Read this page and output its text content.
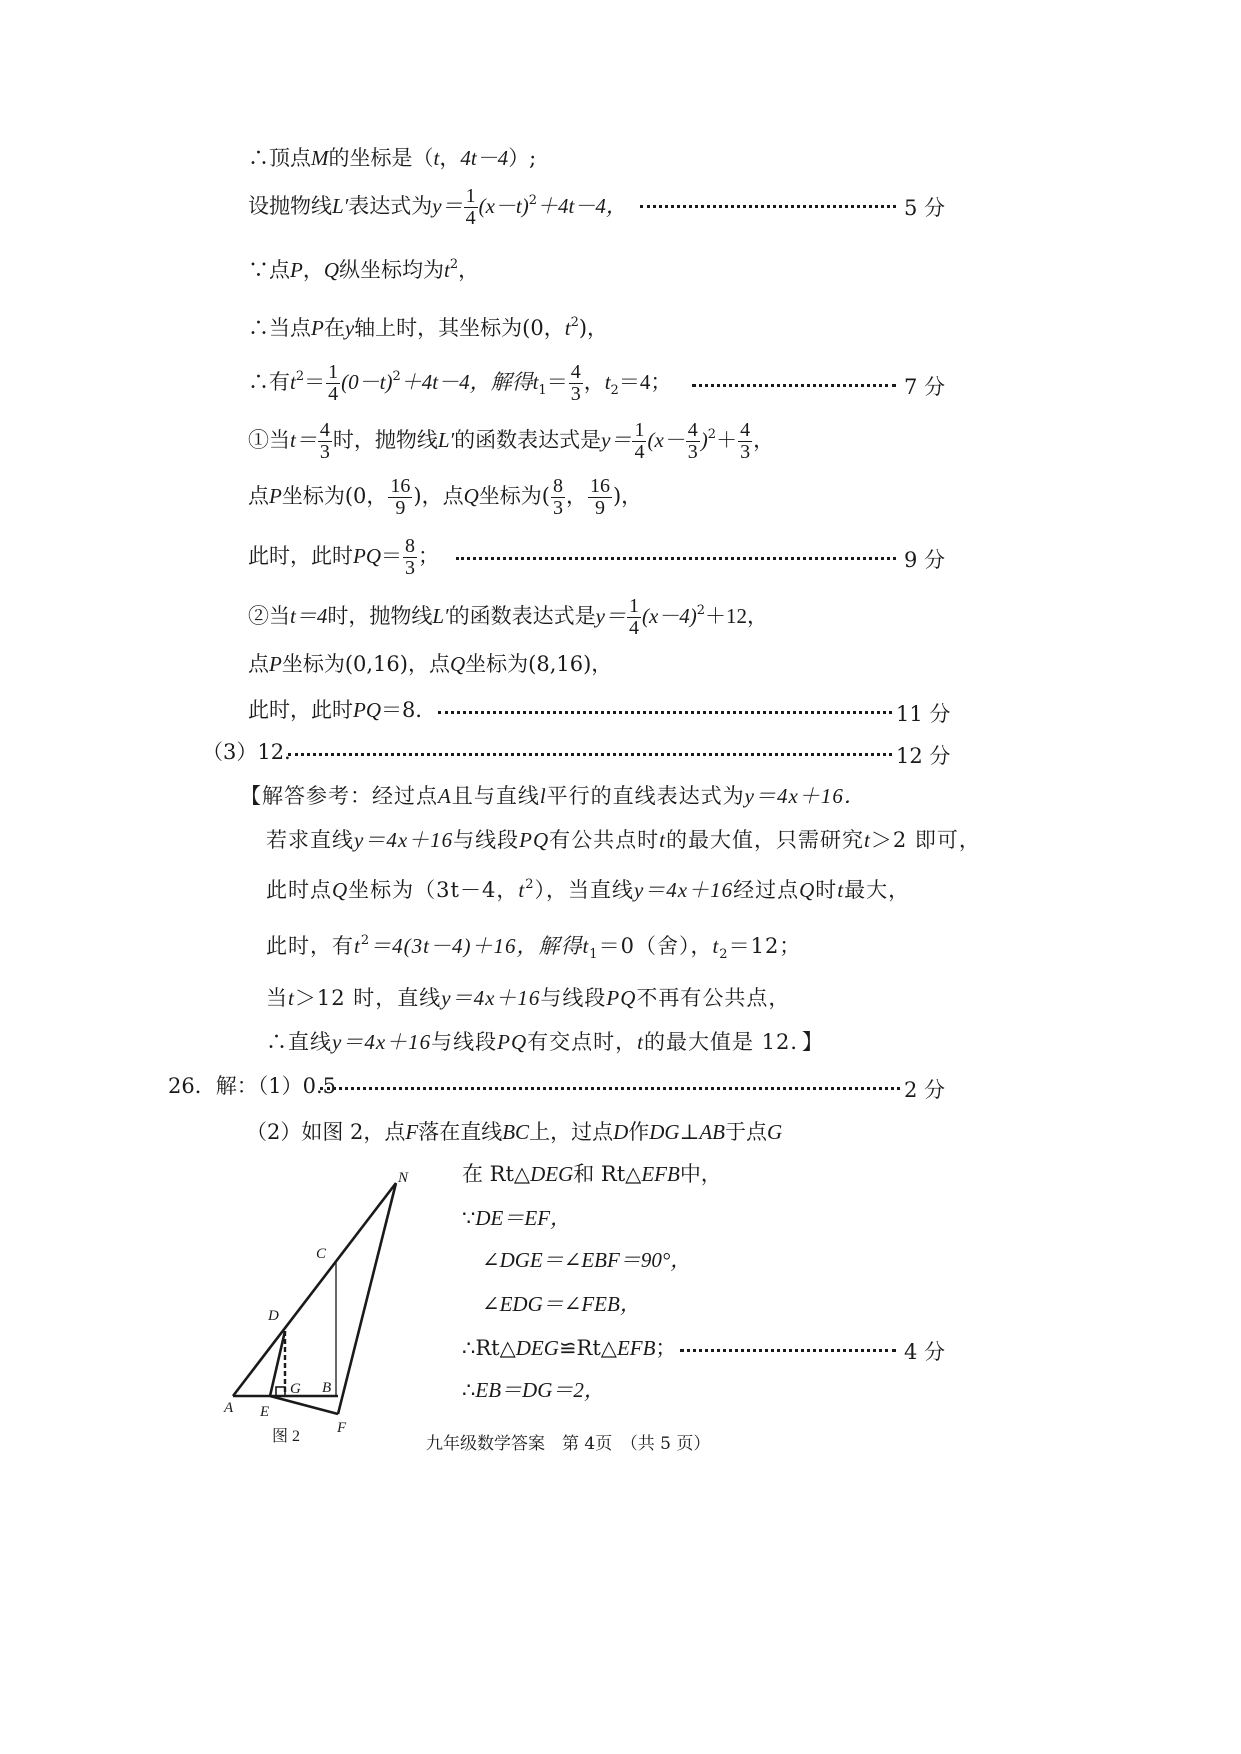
∴顶点M的坐标是（t，4t－4）;
设抛物线L′表达式为$y= \frac{1}{4} (x-t)^2+4t-4$，	5 分
∵点P，Q纵坐标均为$t^2$，
∴当点P在y轴上时，其坐标为(0，$t^2$)，
∴有$t^2= \frac{1}{4} (0-t)^2+4t-4$，解得$t_1= \frac{4}{3}$ ，$t_2=4$；	7 分
①当$t= \frac{4}{3}$ 时，抛物线L′的函数表达式是$y= \frac{1}{4} (x- \frac{4}{3} )^2+ \frac{4}{3}$ ，
点P坐标为(0， $\frac{16}{9}$ )，点Q坐标为( $\frac{8}{3}$ ， $\frac{16}{9}$ )，
此时，此时$PQ= \frac{8}{3}$ ；	9 分
②当t＝4时，抛物线L′的函数表达式是$y= \frac{1}{4} (x-4)^2+12$，
点P坐标为(0,16)，点Q坐标为(8,16)，
此时，此时PQ＝8．	11 分
（3）12．	12 分
【解答参考：经过点A且与直线l平行的直线表达式为y＝4x＋16．
若求直线y＝4x＋16与线段PQ有公共点时t的最大值，只需研究t＞2 即可，
此时点Q坐标为（3t－4，$t^2$），当直线y＝4x＋16经过点Q时t最大，
此时，有$t^2=4(3t-4)+16$，解得$t_1=0$（舍），$t_2=12$；
当t＞12 时，直线y＝4x＋16与线段PQ不再有公共点，
∴直线y＝4x＋16与线段PQ有交点时，t的最大值是 12．】
26．解：（1）0.5	2 分
（2）如图 2，点F落在直线BC上，过点D作DG⊥AB于点G
在 Rt△DEG和 Rt△EFB中，
∵DE＝EF，
∠DGE＝∠EBF＝90°，
∠EDG＝∠FEB，
∴Rt△DEG≌Rt△EFB；	4 分
∴EB＝DG＝2，
N
C
D
G B
A E
F
图 2	九年级数学答案　第 4页　（共 5 页）
